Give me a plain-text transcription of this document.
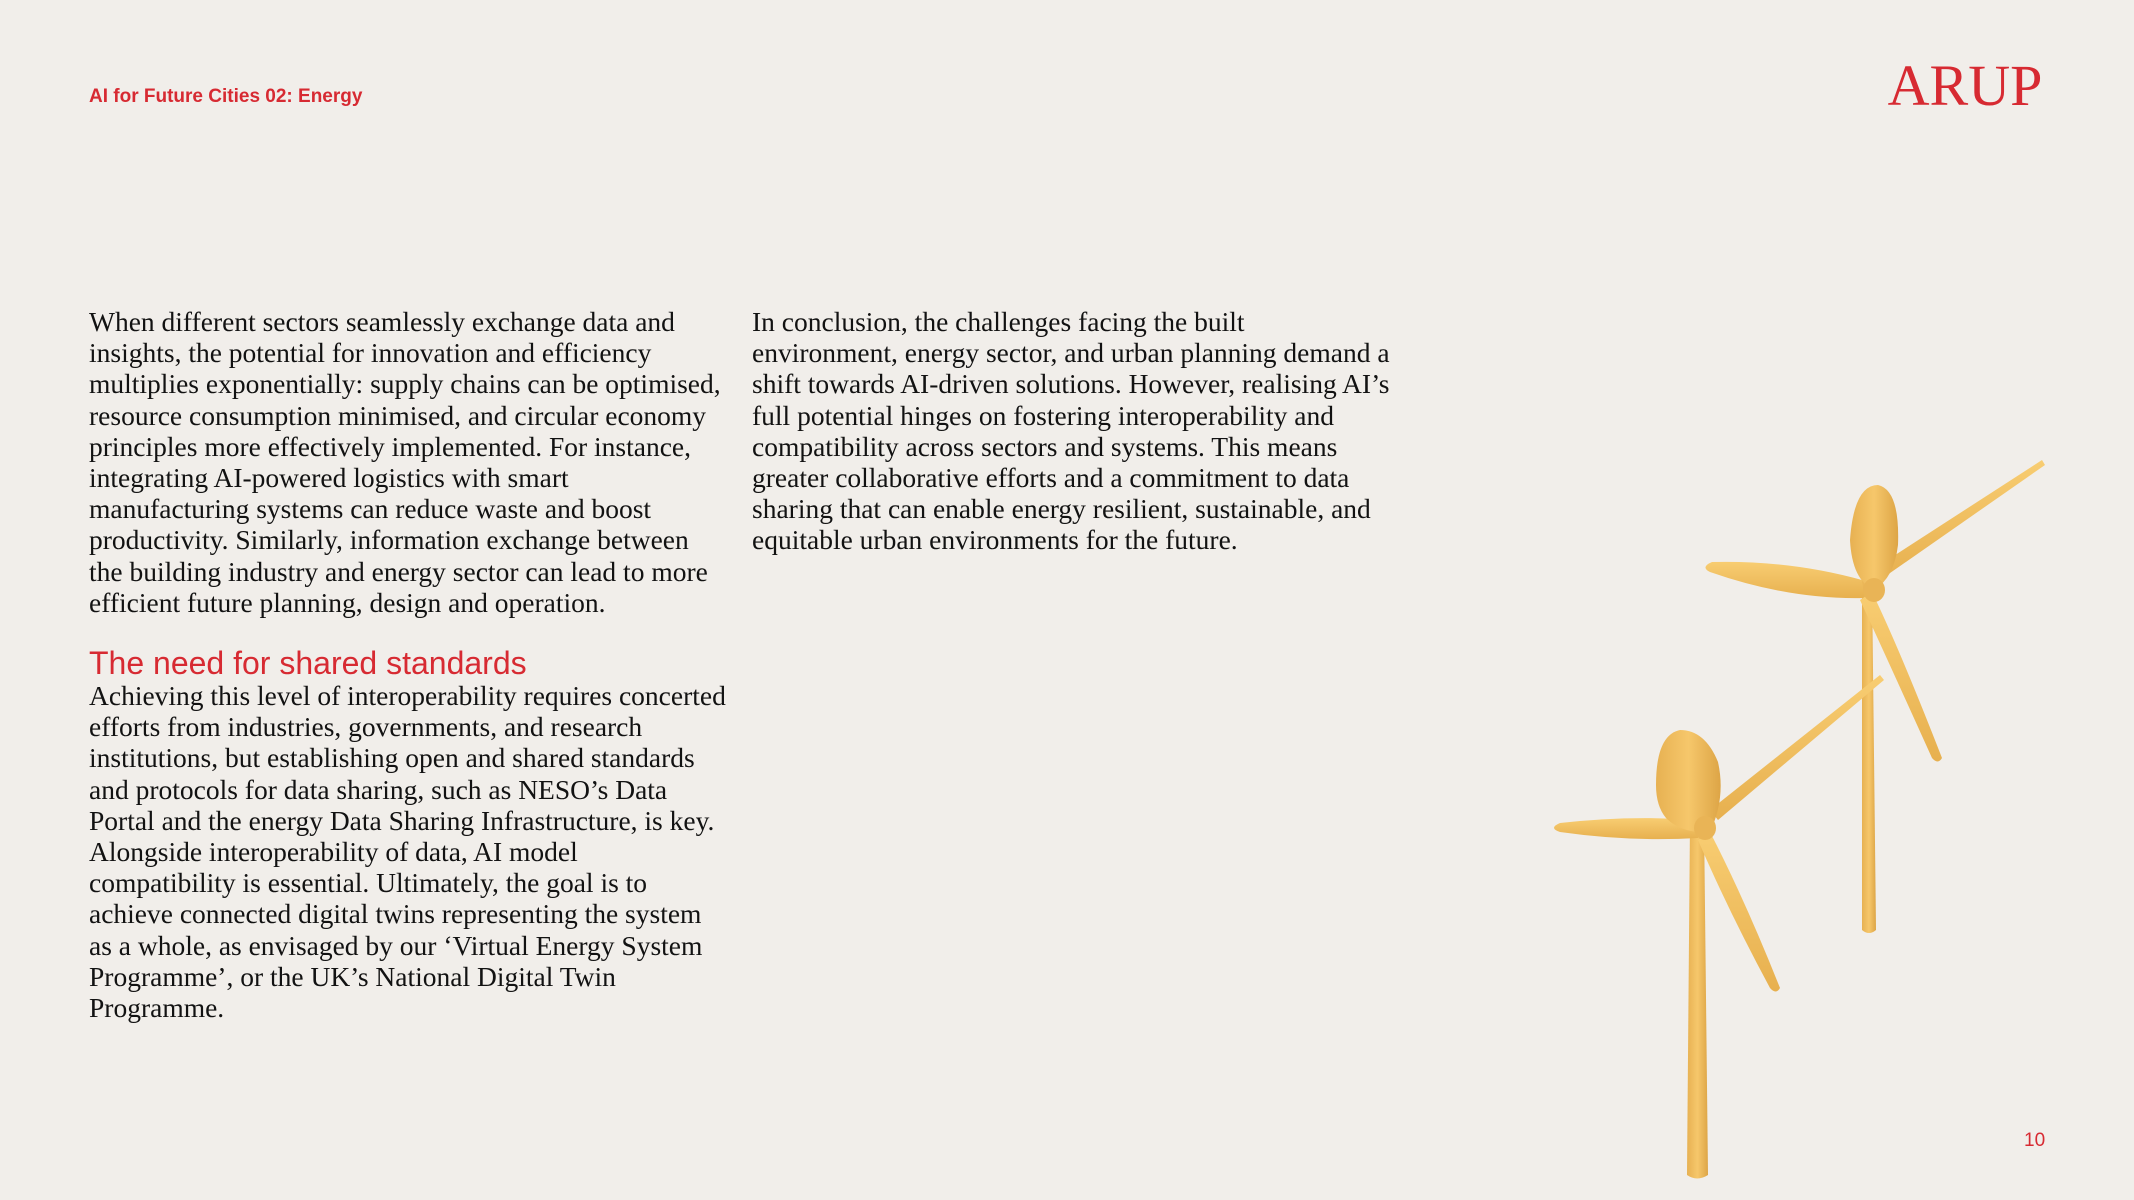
AI for Future Cities 02: Energy	ARUP

When different sectors seamlessly exchange data and insights, the potential for innovation and efficiency multiplies exponentially: supply chains can be optimised, resource consumption minimised, and circular economy principles more effectively implemented. For instance, integrating AI-powered logistics with smart manufacturing systems can reduce waste and boost productivity. Similarly, information exchange between the building industry and energy sector can lead to more efficient future planning, design and operation.

The need for shared standards

Achieving this level of interoperability requires concerted efforts from industries, governments, and research institutions, but establishing open and shared standards and protocols for data sharing, such as NESO’s Data Portal and the energy Data Sharing Infrastructure, is key. Alongside interoperability of data, AI model compatibility is essential. Ultimately, the goal is to achieve connected digital twins representing the system as a whole, as envisaged by our ‘Virtual Energy System Programme’, or the UK’s National Digital Twin Programme.

In conclusion, the challenges facing the built environment, energy sector, and urban planning demand a shift towards AI-driven solutions. However, realising AI’s full potential hinges on fostering interoperability and compatibility across sectors and systems. This means greater collaborative efforts and a commitment to data sharing that can enable energy resilient, sustainable, and equitable urban environments for the future.

10
